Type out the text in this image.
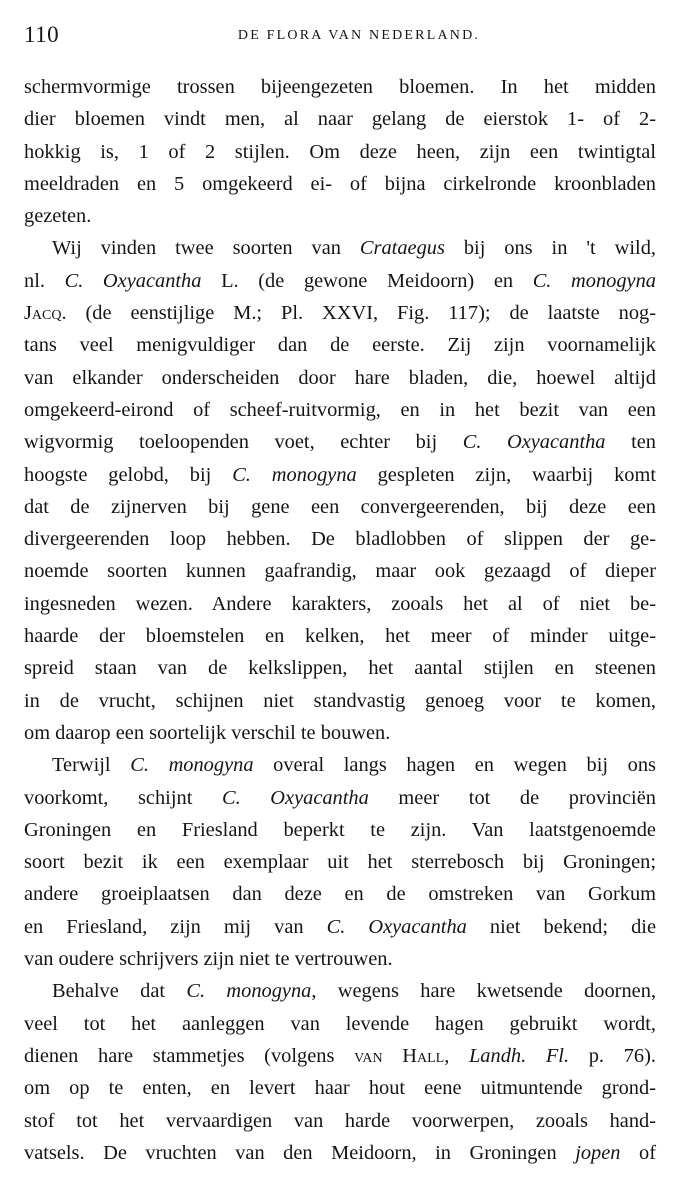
110	DE FLORA VAN NEDERLAND.
schermvormige trossen bijeengezeten bloemen. In het midden
dier bloemen vindt men, al naar gelang de eierstok 1- of 2-
hokkig is, 1 of 2 stijlen. Om deze heen, zijn een twintigtal
meeldraden en 5 omgekeerd ei- of bijna cirkelronde kroonbladen
gezeten.
Wij vinden twee soorten van Crataegus bij ons in 't wild,
nl. C. Oxyacantha L. (de gewone Meidoorn) en C. monogyna
Jacq. (de eenstijlige M.; Pl. XXVI, Fig. 117); de laatste nog-
tans veel menigvuldiger dan de eerste. Zij zijn voornamelijk
van elkander onderscheiden door hare bladen, die, hoewel altijd
omgekeerd-eirond of scheef-ruitvormig, en in het bezit van een
wigvormig toeloopenden voet, echter bij C. Oxyacantha ten
hoogste gelobd, bij C. monogyna gespleten zijn, waarbij komt
dat de zijnerven bij gene een convergeerenden, bij deze een
divergeerenden loop hebben. De bladlobben of slippen der ge-
noemde soorten kunnen gaafrandig, maar ook gezaagd of dieper
ingesneden wezen. Andere karakters, zooals het al of niet be-
haarde der bloemstelen en kelken, het meer of minder uitge-
spreid staan van de kelkslippen, het aantal stijlen en steenen
in de vrucht, schijnen niet standvastig genoeg voor te komen,
om daarop een soortelijk verschil te bouwen.
Terwijl C. monogyna overal langs hagen en wegen bij ons
voorkomt, schijnt C. Oxyacantha meer tot de provinciën
Groningen en Friesland beperkt te zijn. Van laatstgenoemde
soort bezit ik een exemplaar uit het sterrebosch bij Groningen;
andere groeiplaatsen dan deze en de omstreken van Gorkum
en Friesland, zijn mij van C. Oxyacantha niet bekend; die
van oudere schrijvers zijn niet te vertrouwen.
Behalve dat C. monogyna, wegens hare kwetsende doornen,
veel tot het aanleggen van levende hagen gebruikt wordt,
dienen hare stammetjes (volgens van Hall, Landh. Fl. p. 76).
om op te enten, en levert haar hout eene uitmuntende grond-
stof tot het vervaardigen van harde voorwerpen, zooals hand-
vatsels. De vruchten van den Meidoorn, in Groningen jopen of
